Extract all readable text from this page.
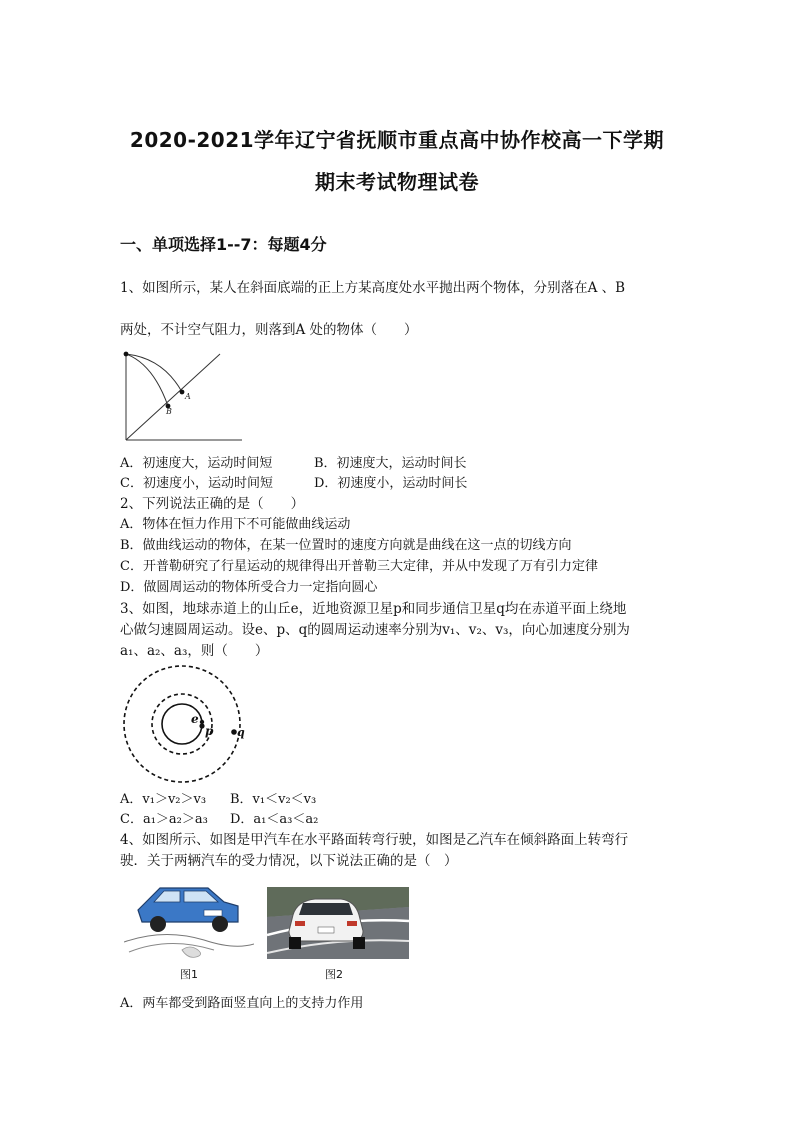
2020-2021学年辽宁省抚顺市重点高中协作校高一下学期
期末考试物理试卷
一、单项选择1--7：每题4分
1、如图所示，某人在斜面底端的正上方某高度处水平抛出两个物体，分别落在A 、B
两处，不计空气阻力，则落到A 处的物体（　　）
A
B
A．初速度大，运动时间短	B．初速度大，运动时间长
C．初速度小，运动时间短	D．初速度小，运动时间长
2、下列说法正确的是（　　）
A．物体在恒力作用下不可能做曲线运动
B．做曲线运动的物体，在某一位置时的速度方向就是曲线在这一点的切线方向
C．开普勒研究了行星运动的规律得出开普勒三大定律，并从中发现了万有引力定律
D．做圆周运动的物体所受合力一定指向圆心
3、如图，地球赤道上的山丘e，近地资源卫星p和同步通信卫星q均在赤道平面上绕地
心做匀速圆周运动。设e、p、q的圆周运动速率分别为v₁、v₂、v₃，向心加速度分别为
a₁、a₂、a₃，则（　　）
e
p q
A．v₁＞v₂＞v₃ B．v₁＜v₂＜v₃
C．a₁＞a₂＞a₃ D．a₁＜a₃＜a₂
4、如图所示、如图是甲汽车在水平路面转弯行驶，如图是乙汽车在倾斜路面上转弯行
驶．关于两辆汽车的受力情况，以下说法正确的是（　）
图1	图2
A．两车都受到路面竖直向上的支持力作用
